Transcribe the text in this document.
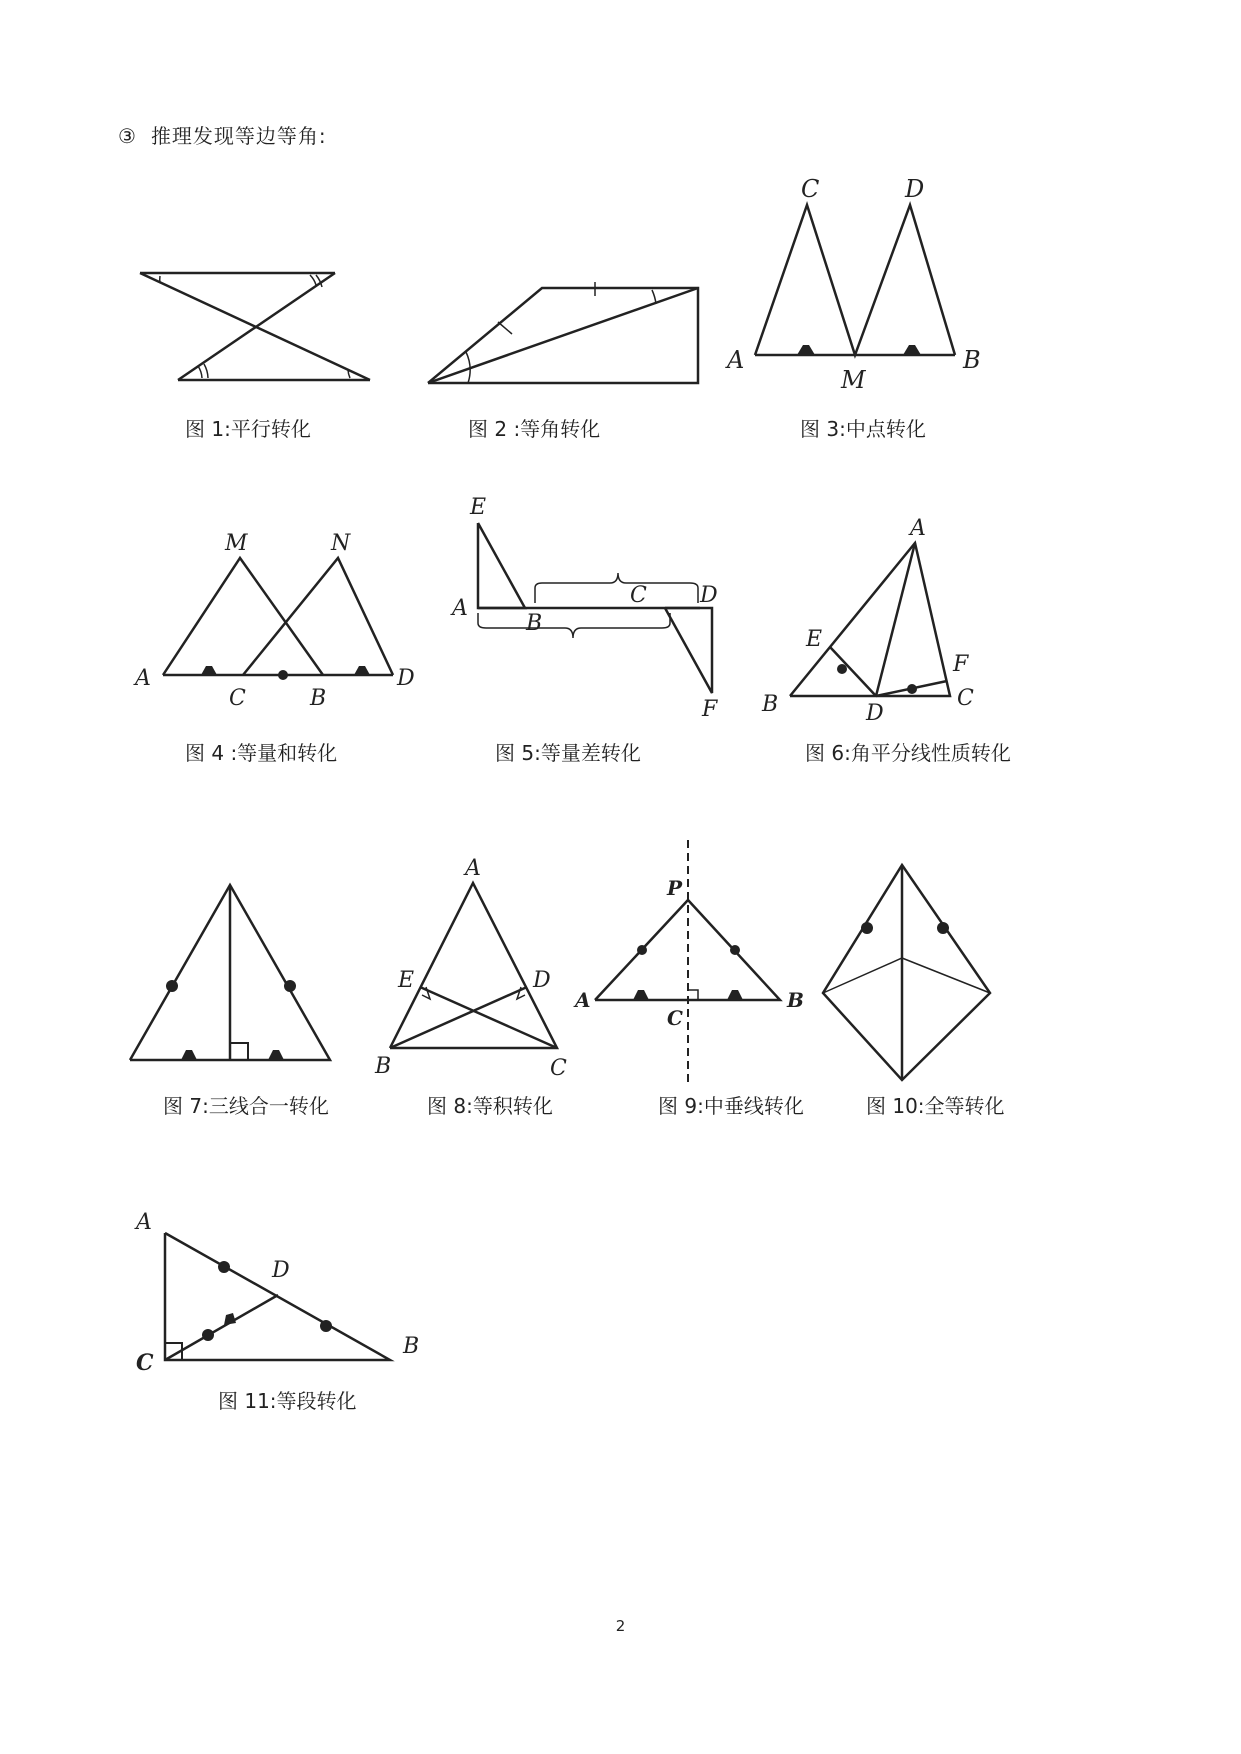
③ 推理发现等边等角:
图 1:平行转化	图 2 :等角转化
C	D
A
M
B
图 3:中点转化
M	N
A
C	B
D
图 4 :等量和转化
E
A
B
C D
F
图 5:等量差转化
A
E
F
B	D
C
图 6:角平分线性质转化
图 7:三线合一转化
A
E	D
B	C
图 8:等积转化
P
A
C
B
图 9:中垂线转化	图 10:全等转化
A
D
C
B
图 11:等段转化
2
